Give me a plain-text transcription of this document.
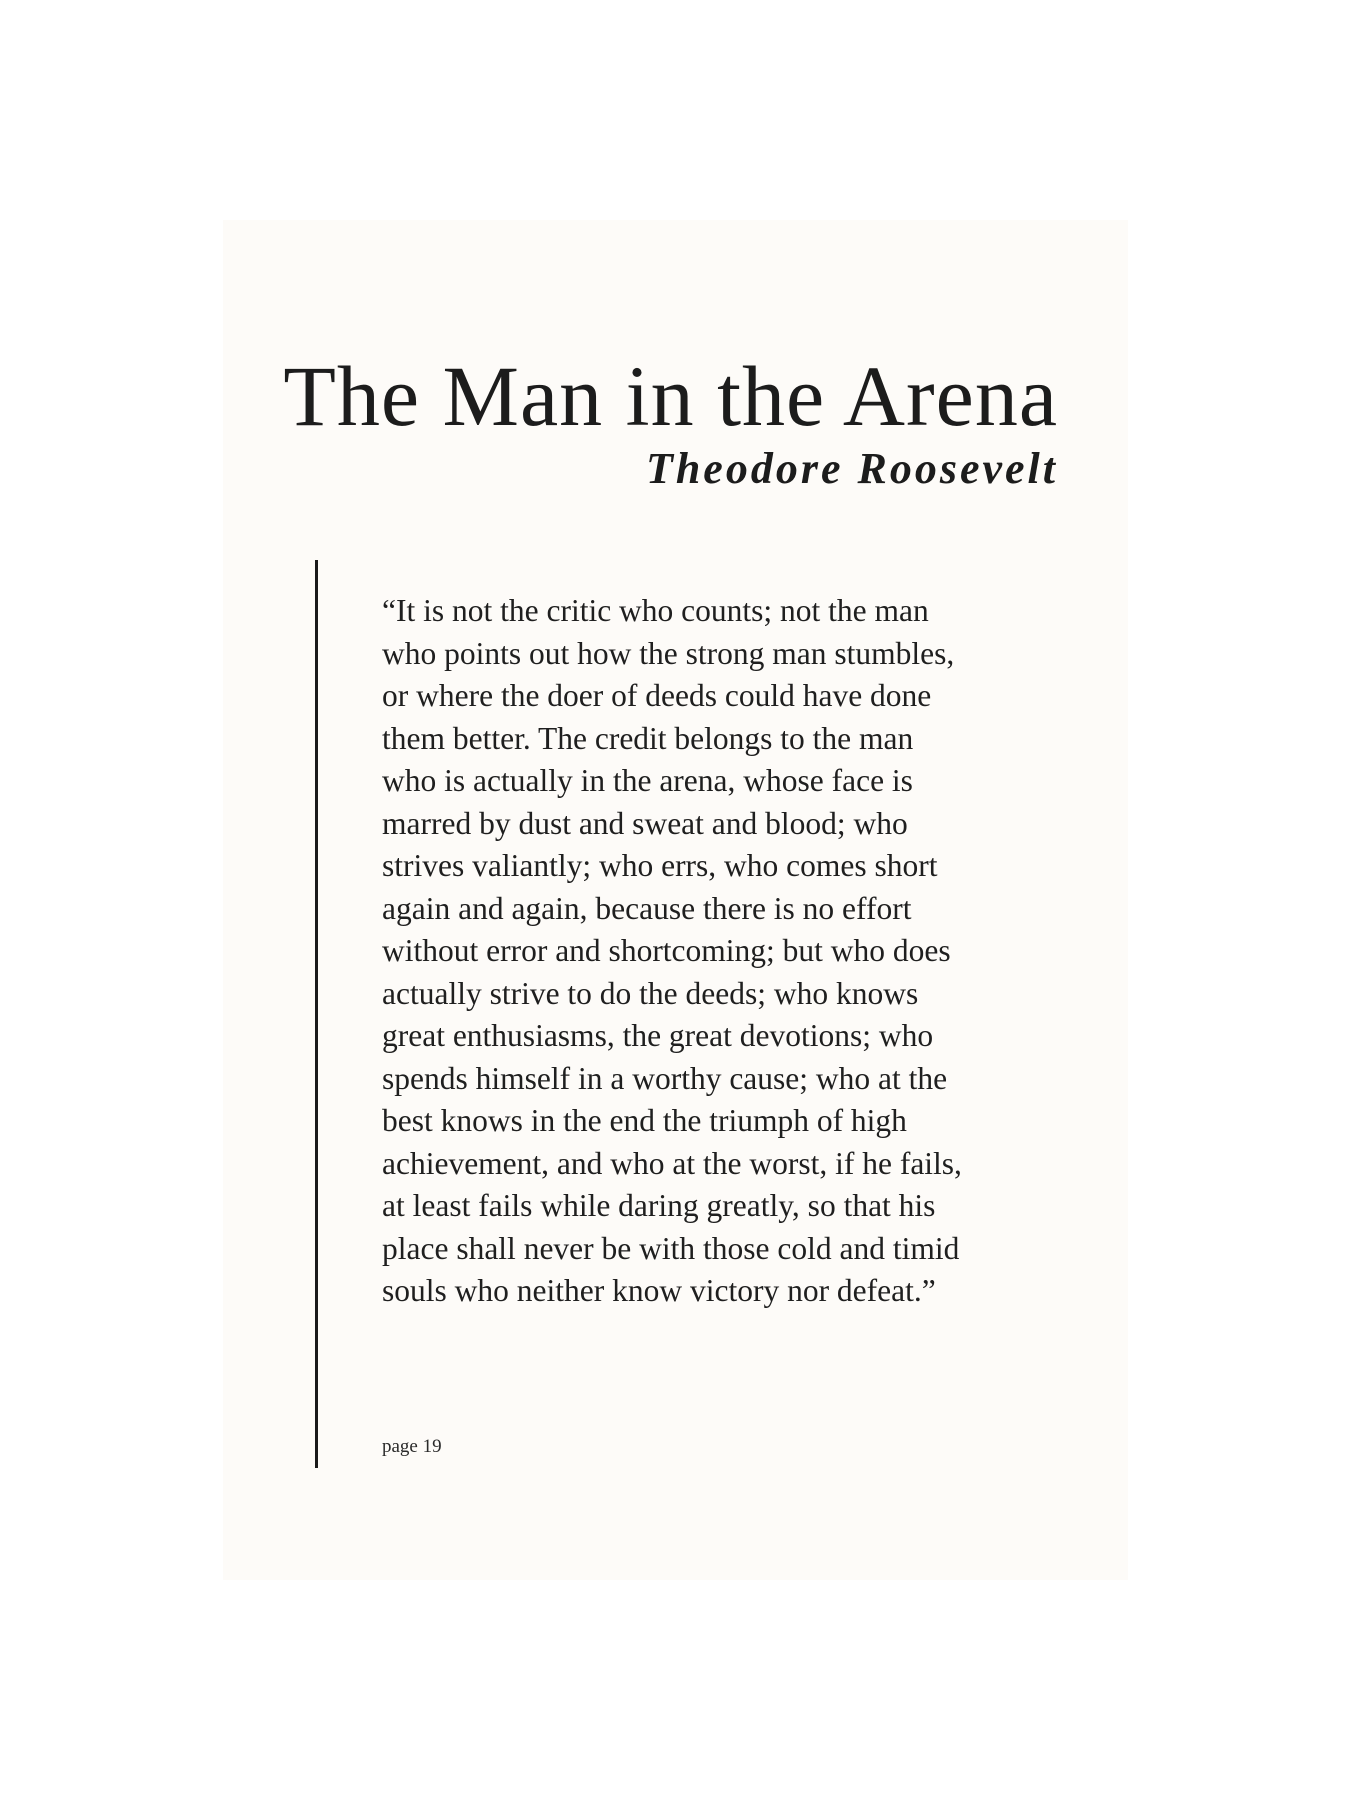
The Man in the Arena
Theodore Roosevelt

“It is not the critic who counts; not the man
who points out how the strong man stumbles,
or where the doer of deeds could have done
them better. The credit belongs to the man
who is actually in the arena, whose face is
marred by dust and sweat and blood; who
strives valiantly; who errs, who comes short
again and again, because there is no effort
without error and shortcoming; but who does
actually strive to do the deeds; who knows
great enthusiasms, the great devotions; who
spends himself in a worthy cause; who at the
best knows in the end the triumph of high
achievement, and who at the worst, if he fails,
at least fails while daring greatly, so that his
place shall never be with those cold and timid
souls who neither know victory nor defeat.”

page 19
